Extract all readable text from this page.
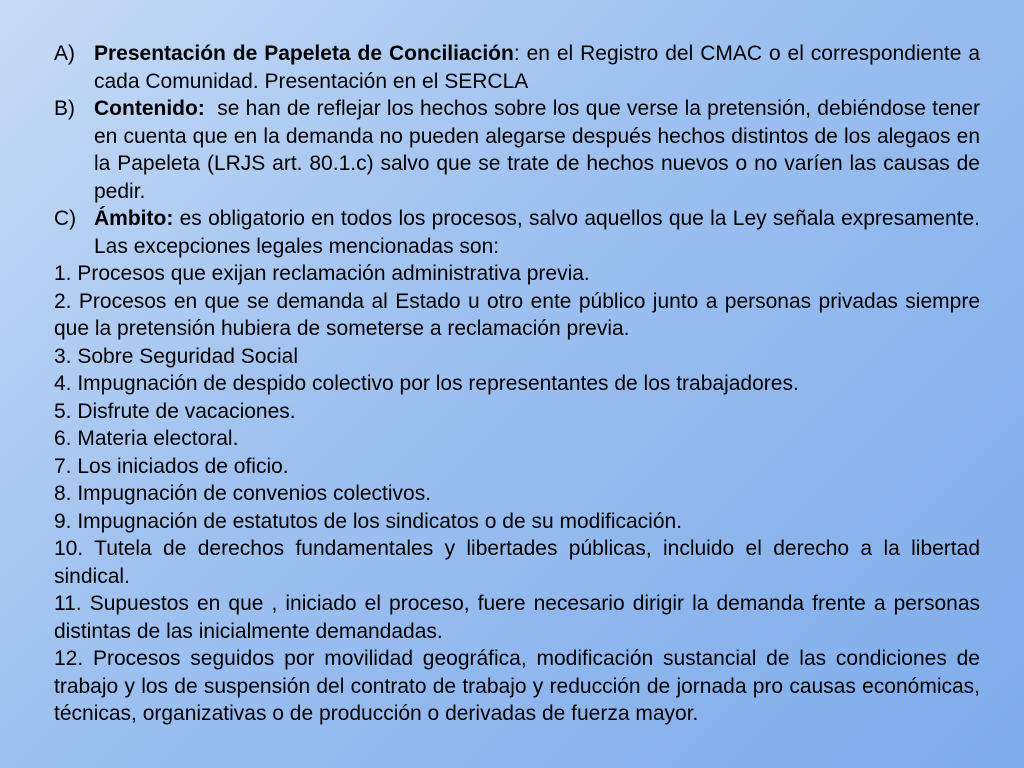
A) Presentación de Papeleta de Conciliación: en el Registro del CMAC o el correspondiente a cada Comunidad. Presentación en el SERCLA
B) Contenido:  se han de reflejar los hechos sobre los que verse la pretensión, debiéndose tener en cuenta que en la demanda no pueden alegarse después hechos distintos de los alegaos en la Papeleta (LRJS art. 80.1.c) salvo que se trate de hechos nuevos o no varíen las causas de pedir.
C) Ámbito: es obligatorio en todos los procesos, salvo aquellos que la Ley señala expresamente. Las excepciones legales mencionadas son:
1. Procesos que exijan reclamación administrativa previa.
2. Procesos en que se demanda al Estado u otro ente público junto a personas privadas siempre que la pretensión hubiera de someterse a reclamación previa.
3. Sobre Seguridad Social
4. Impugnación de despido colectivo por los representantes de los trabajadores.
5. Disfrute de vacaciones.
6. Materia electoral.
7. Los iniciados de oficio.
8. Impugnación de convenios colectivos.
9. Impugnación de estatutos de los sindicatos o de su modificación.
10. Tutela de derechos fundamentales y libertades públicas, incluido el derecho a la libertad sindical.
11. Supuestos en que , iniciado el proceso, fuere necesario dirigir la demanda frente a personas distintas de las inicialmente demandadas.
12. Procesos seguidos por movilidad geográfica, modificación sustancial de las condiciones de trabajo y los de suspensión del contrato de trabajo y reducción de jornada pro causas económicas, técnicas, organizativas o de producción o derivadas de fuerza mayor.
